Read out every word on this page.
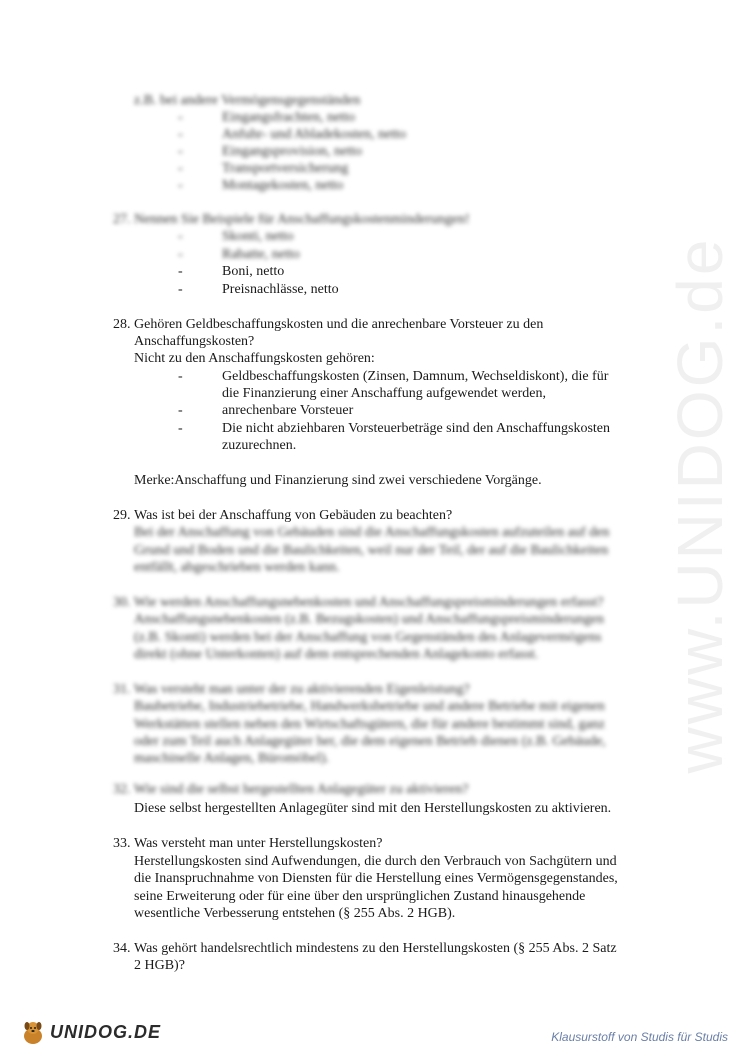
www.UNIDOG.de
z.B. bei andere Vermögensgegenständen
-	Eingangsfrachten, netto
-	Anfuhr- und Abladekosten, netto
-	Eingangsprovision, netto
-	Transportversicherung
-	Montagekosten, netto
27. Nennen Sie Beispiele für Anschaffungskostenminderungen!
-	Skonti, netto
-	Rabatte, netto
-	Boni, netto
-	Preisnachlässe, netto
28. Gehören Geldbeschaffungskosten und die anrechenbare Vorsteuer zu den
Anschaffungskosten?
Nicht zu den Anschaffungskosten gehören:
-	Geldbeschaffungskosten (Zinsen, Damnum, Wechseldiskont), die für
die Finanzierung einer Anschaffung aufgewendet werden,
-	anrechenbare Vorsteuer
-	Die nicht abziehbaren Vorsteuerbeträge sind den Anschaffungskosten
zuzurechnen.
Merke:Anschaffung und Finanzierung sind zwei verschiedene Vorgänge.
29. Was ist bei der Anschaffung von Gebäuden zu beachten?
Bei der Anschaffung von Gebäuden sind die Anschaffungskosten aufzuteilen auf den
Grund und Boden und die Baulichkeiten, weil nur der Teil, der auf die Baulichkeiten
entfällt, abgeschrieben werden kann.
30. Wie werden Anschaffungsnebenkosten und Anschaffungspreisminderungen erfasst?
Anschaffungsnebenkosten (z.B. Bezugskosten) und Anschaffungspreisminderungen
(z.B. Skonti) werden bei der Anschaffung von Gegenständen des Anlagevermögens
direkt (ohne Unterkonten) auf dem entsprechenden Anlagekonto erfasst.
31. Was versteht man unter der zu aktivierenden Eigenleistung?
Baubetriebe, Industriebetriebe, Handwerksbetriebe und andere Betriebe mit eigenen
Werkstätten stellen neben den Wirtschaftsgütern, die für andere bestimmt sind, ganz
oder zum Teil auch Anlagegüter her, die dem eigenen Betrieb dienen (z.B. Gebäude,
maschinelle Anlagen, Büromöbel).
32. Wie sind die selbst hergestellten Anlagegüter zu aktivieren?
Diese selbst hergestellten Anlagegüter sind mit den Herstellungskosten zu aktivieren.
33. Was versteht man unter Herstellungskosten?
Herstellungskosten sind Aufwendungen, die durch den Verbrauch von Sachgütern und
die Inanspruchnahme von Diensten für die Herstellung eines Vermögensgegenstandes,
seine Erweiterung oder für eine über den ursprünglichen Zustand hinausgehende
wesentliche Verbesserung entstehen (§ 255 Abs. 2 HGB).
34. Was gehört handelsrechtlich mindestens zu den Herstellungskosten (§ 255 Abs. 2 Satz
2 HGB)?
UNIDOG.DE	Klausurstoff von Studis für Studis
